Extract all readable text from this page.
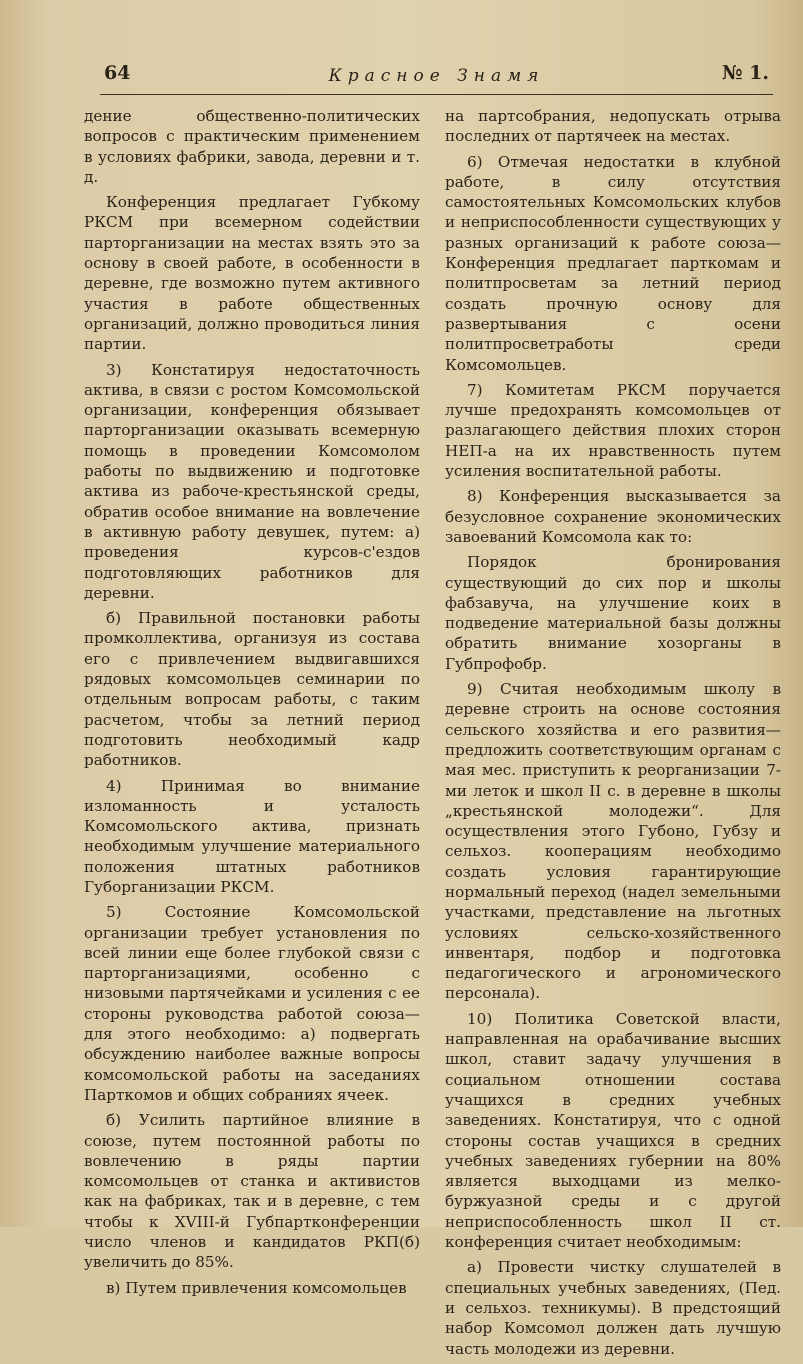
64	Красное Знамя	№ 1.

дение общественно-политических вопросов с практическим применением в условиях фабрики, завода, деревни и т. д.

Конференция предлагает Губкому РКСМ при всемерном содействии парторганизации на местах взять это за основу в своей работе, в особенности в деревне, где возможно путем активного участия в работе общественных организаций, должно проводиться линия партии.

3) Констатируя недостаточность актива, в связи с ростом Комсомольской организации, конференция обязывает парторганизации оказывать всемерную помощь в проведении Комсомолом работы по выдвижению и подготовке актива из рабоче-крестьянской среды, обратив особое внимание на вовлечение в активную работу девушек, путем: а) проведения курсов-с'ездов подготовляющих работников для деревни.

б) Правильной постановки работы промколлектива, организуя из состава его с привлечением выдвигавшихся рядовых комсомольцев семинарии по отдельным вопросам работы, с таким расчетом, чтобы за летний период подготовить необходимый кадр работников.

4) Принимая во внимание изломанность и усталость Комсомольского актива, признать необходимым улучшение материального положения штатных работников Губорганизации РКСМ.

5) Состояние Комсомольской организации требует установления по всей линии еще более глубокой связи с парторганизациями, особенно с низовыми партячейками и усиления с ее стороны руководства работой союза—для этого необходимо: а) подвергать обсуждению наиболее важные вопросы комсомольской работы на заседаниях Парткомов и общих собраниях ячеек.

б) Усилить партийное влияние в союзе, путем постоянной работы по вовлечению в ряды партии комсомольцев от станка и активистов как на фабриках, так и в деревне, с тем чтобы к XVIII-й Губпартконференции число членов и кандидатов РКП(б) увеличить до 85%.

в) Путем привлечения комсомольцев

на партсобрания, недопускать отрыва последних от партячеек на местах.

6) Отмечая недостатки в клубной работе, в силу отсутствия самостоятельных Комсомольских клубов и неприспособленности существующих у разных организаций к работе союза—Конференция предлагает парткомам и политпросветам за летний период создать прочную основу для развертывания с осени политпросветработы среди Комсомольцев.

7) Комитетам РКСМ поручается лучше предохранять комсомольцев от разлагающего действия плохих сторон НЕП-а на их нравственность путем усиления воспитательной работы.

8) Конференция высказывается за безусловное сохранение экономических завоеваний Комсомола как то:

Порядок бронирования существующий до сих пор и школы фабзавуча, на улучшение коих в подведение материальной базы должны обратить внимание хозорганы в Губпрофобр.

9) Считая необходимым школу в деревне строить на основе состояния сельского хозяйства и его развития—предложить соответствующим органам с мая мес. приступить к реорганизации 7-ми леток и школ II с. в деревне в школы „крестьянской молодежи“. Для осуществления этого Губоно, Губзу и сельхоз. кооперациям необходимо создать условия гарантирующие нормальный переход (надел земельными участками, представление на льготных условиях сельско-хозяйственного инвентаря, подбор и подготовка педагогического и агрономического персонала).

10) Политика Советской власти, направленная на орабачивание высших школ, ставит задачу улучшения в социальном отношении состава учащихся в средних учебных заведениях. Констатируя, что с одной стороны состав учащихся в средних учебных заведениях губернии на 80% является выходцами из мелко-буржуазной среды и с другой неприспособленность школ II ст. конференция считает необходимым:

а) Провести чистку слушателей в специальных учебных заведениях, (Пед. и сельхоз. техникумы). В предстоящий набор Комсомол должен дать лучшую часть молодежи из деревни.
